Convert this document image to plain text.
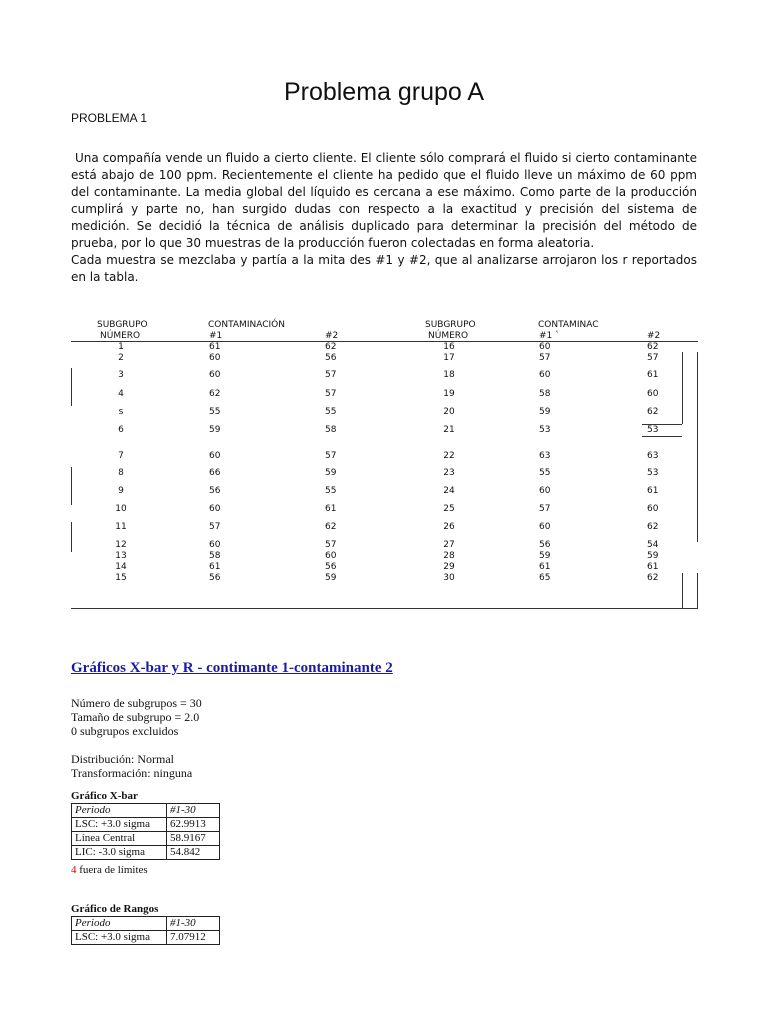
Problema grupo A
PROBLEMA 1

Una compañía vende un fluido a cierto cliente. El cliente sólo comprará el fluido si cierto contaminante está abajo de 100 ppm. Recientemente el cliente ha pedido que el fluido lleve un máximo de 60 ppm del contaminante. La media global del líquido es cercana a ese máximo. Como parte de la producción cumplirá y parte no, han surgido dudas con respecto a la exactitud y precisión del sistema de medición. Se decidió la técnica de análisis duplicado para determinar la precisión del método de prueba, por lo que 30 muestras de la producción fueron colectadas en forma aleatoria.

Cada muestra se mezclaba y partía a la mita des #1 y #2, que al analizarse arrojaron los r reportados en la tabla.

SUBGRUPO
NÚMERO
CONTAMINACIÓN
#1	#2
SUBGRUPO
NÚMERO
CONTAMINAC
#1 `	#2
1	61	62	16	60	62
2	60	56	17	57	57
3	60	57	18	60	61
4	62	57	19	58	60
s	55	55	20	59	62
6	59	58	21	53	53
7	60	57	22	63	63
8	66	59	23	55	53
9	56	55	24	60	61
10	60	61	25	57	60
11	57	62	26	60	62
12	60	57	27	56	54
13	58	60	28	59	59
14	61	56	29	61	61
15	56	59	30	65	62
Gráficos X-bar y R - contimante 1-contaminante 2
Número de subgrupos = 30
Tamaño de subgrupo = 2.0
0 subgrupos excluidos
Distribución: Normal
Transformación: ninguna
Gráfico X-bar
Periodo	#1-30
LSC: +3.0 sigma	62.9913
Línea Central	58.9167
LIC: -3.0 sigma	54.842
4 fuera de límites
Gráfico de Rangos
Periodo	#1-30
LSC: +3.0 sigma	7.07912
